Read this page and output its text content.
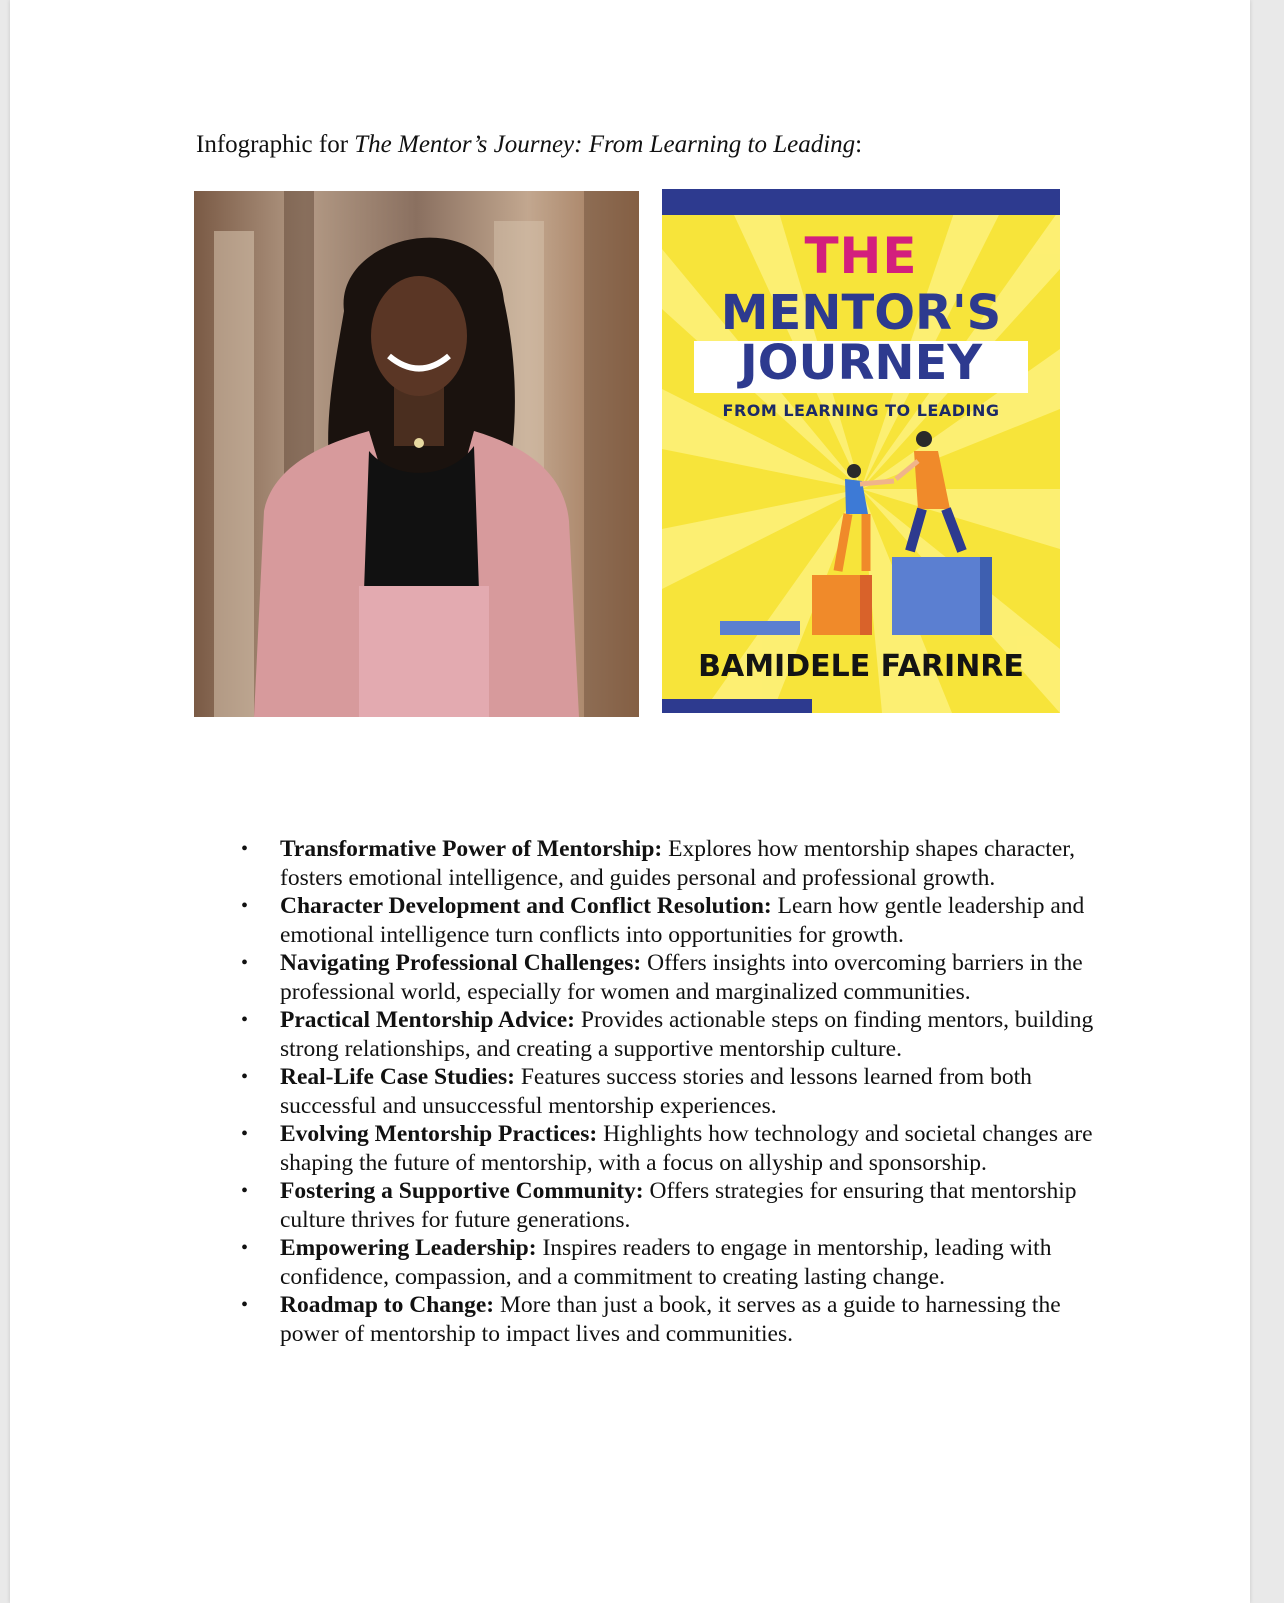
Infographic for The Mentor’s Journey: From Learning to Leading:
THE
MENTOR'S
JOURNEY
FROM LEARNING TO LEADING
BAMIDELE FARINRE
• Transformative Power of Mentorship: Explores how mentorship shapes character, fosters emotional intelligence, and guides personal and professional growth.
• Character Development and Conflict Resolution: Learn how gentle leadership and emotional intelligence turn conflicts into opportunities for growth.
• Navigating Professional Challenges: Offers insights into overcoming barriers in the professional world, especially for women and marginalized communities.
• Practical Mentorship Advice: Provides actionable steps on finding mentors, building strong relationships, and creating a supportive mentorship culture.
• Real-Life Case Studies: Features success stories and lessons learned from both successful and unsuccessful mentorship experiences.
• Evolving Mentorship Practices: Highlights how technology and societal changes are shaping the future of mentorship, with a focus on allyship and sponsorship.
• Fostering a Supportive Community: Offers strategies for ensuring that mentorship culture thrives for future generations.
• Empowering Leadership: Inspires readers to engage in mentorship, leading with confidence, compassion, and a commitment to creating lasting change.
• Roadmap to Change: More than just a book, it serves as a guide to harnessing the power of mentorship to impact lives and communities.
